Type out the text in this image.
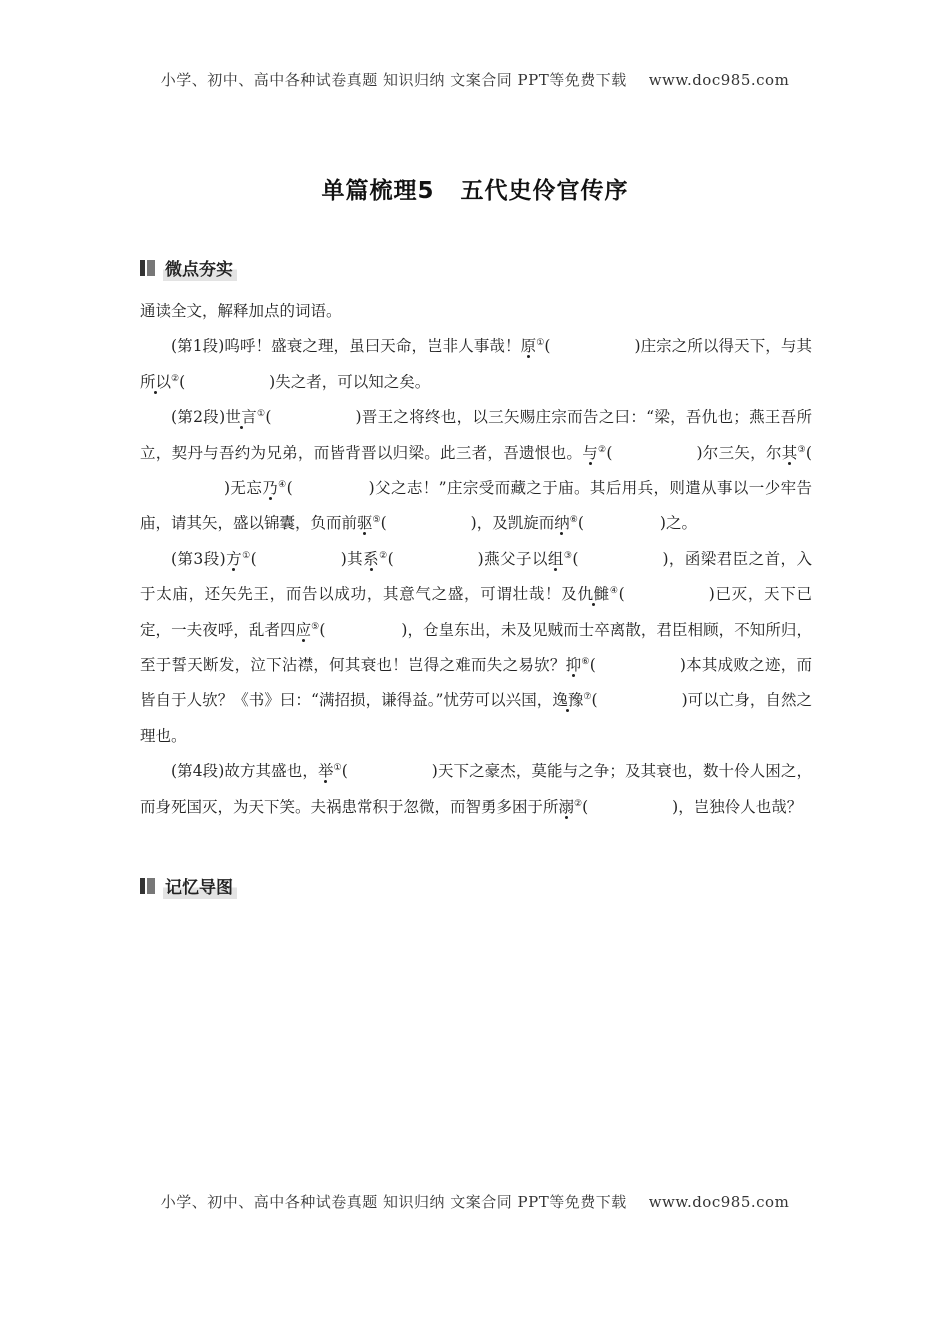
小学、初中、高中各种试卷真题 知识归纳 文案合同 PPT等免费下载 www.doc985.com
单篇梳理5 五代史伶官传序
微点夯实

通读全文，解释加点的词语。

(第1段)呜呼！盛衰之理，虽曰天命，岂非人事哉！原①(	)庄宗之所以得天下，与其所以②(	)失之者，可以知之矣。

(第2段)世言①(	)晋王之将终也，以三矢赐庄宗而告之曰：“梁，吾仇也；燕王吾所立，契丹与吾约为兄弟，而皆背晋以归梁。此三者，吾遗恨也。与②(	)尔三矢，尔其③()无忘乃④(	)父之志！”庄宗受而藏之于庙。其后用兵，则遣从事以一少牢告庙，请其矢，盛以锦囊，负而前驱⑤(	)，及凯旋而纳⑥(	)之。

(第3段)方①(	)其系②(	)燕父子以组③(	)，函梁君臣之首，入于太庙，还矢先王，而告以成功，其意气之盛，可谓壮哉！及仇雠④(	)已灭，天下已定，一夫夜呼，乱者四应⑤(	)，仓皇东出，未及见贼而士卒离散，君臣相顾，不知所归，至于誓天断发，泣下沾襟，何其衰也！岂得之难而失之易欤？抑⑥(	)本其成败之迹，而皆自于人欤？《书》曰：“满招损，谦得益。”忧劳可以兴国，逸豫⑦(	)可以亡身，自然之理也。

(第4段)故方其盛也，举①(	)天下之豪杰，莫能与之争；及其衰也，数十伶人困之，而身死国灭，为天下笑。夫祸患常积于忽微，而智勇多困于所溺②(	)，岂独伶人也哉？

记忆导图
小学、初中、高中各种试卷真题 知识归纳 文案合同 PPT等免费下载 www.doc985.com
